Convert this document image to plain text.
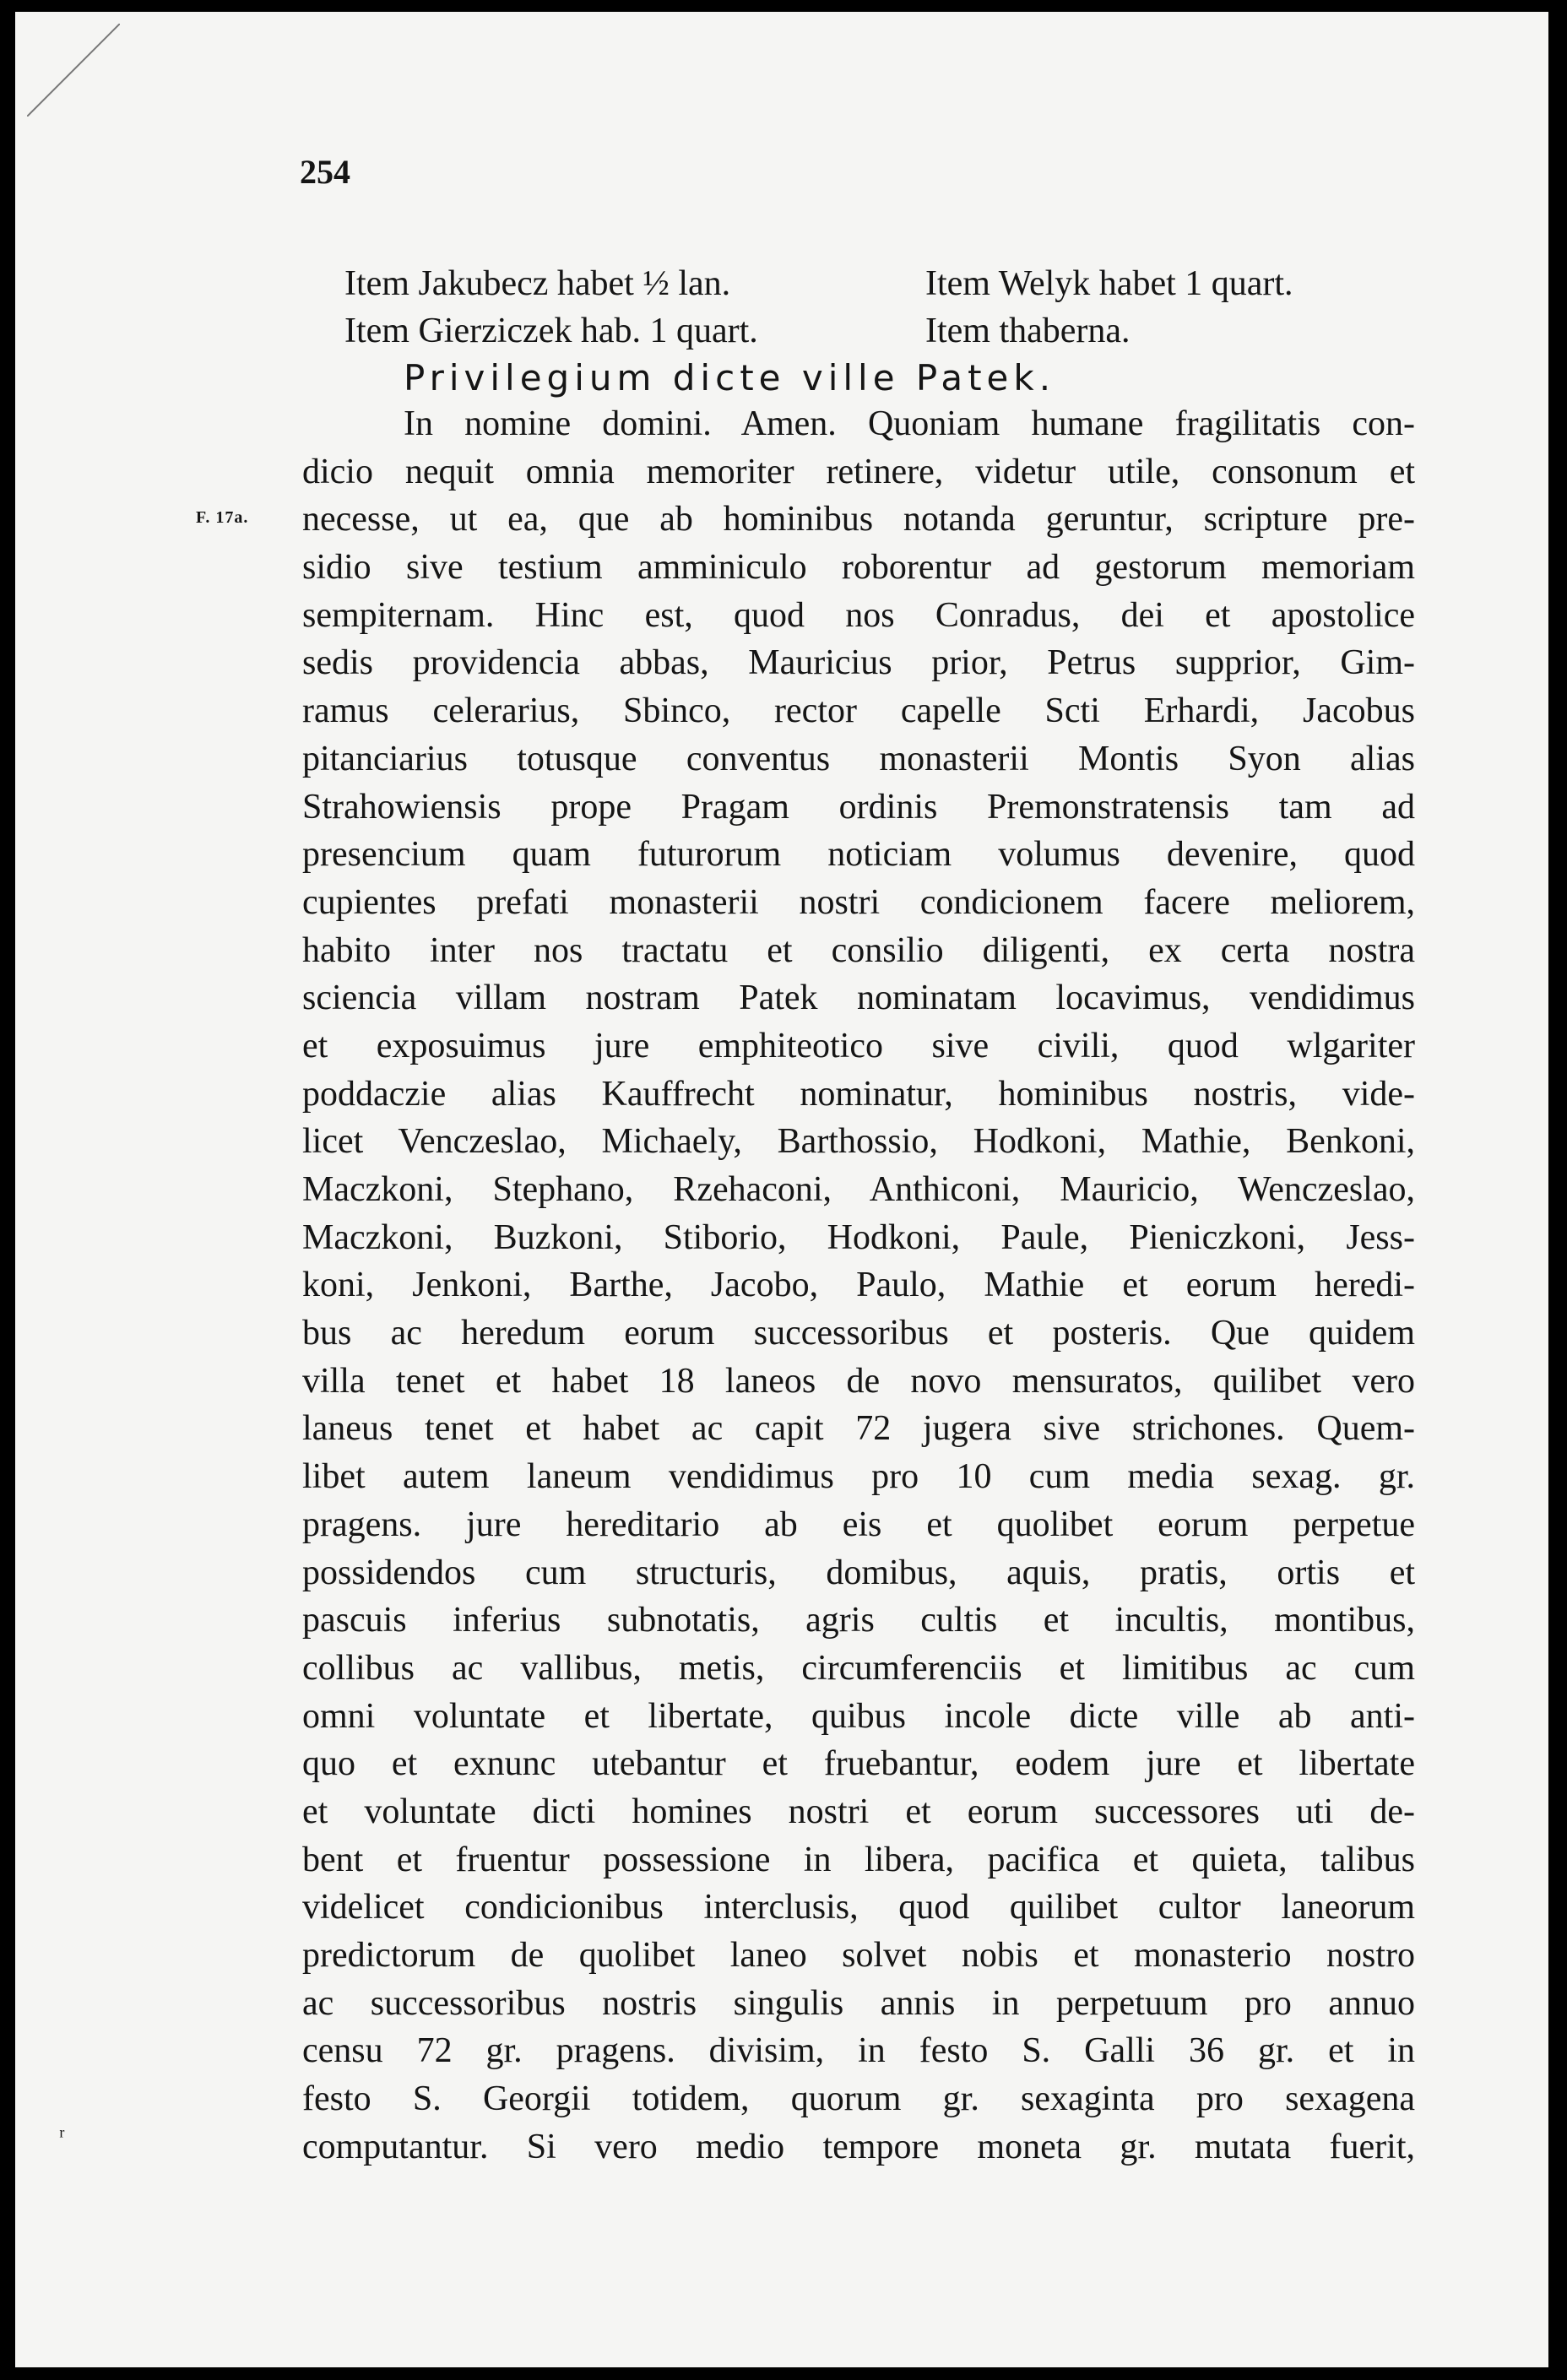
254
Item Jakubecz habet ½ lan.	Item Welyk habet 1 quart.
Item Gierziczek hab. 1 quart.	Item thaberna.
Privilegium dicte ville Patek.
F. 17a.
In nomine domini. Amen. Quoniam humane fragilitatis con-
dicio nequit omnia memoriter retinere, videtur utile, consonum et
necesse, ut ea, que ab hominibus notanda geruntur, scripture pre-
sidio sive testium amminiculo roborentur ad gestorum memoriam
sempiternam. Hinc est, quod nos Conradus, dei et apostolice
sedis providencia abbas, Mauricius prior, Petrus supprior, Gim-
ramus celerarius, Sbinco, rector capelle Scti Erhardi, Jacobus
pitanciarius totusque conventus monasterii Montis Syon alias
Strahowiensis prope Pragam ordinis Premonstratensis tam ad
presencium quam futurorum noticiam volumus devenire, quod
cupientes prefati monasterii nostri condicionem facere meliorem,
habito inter nos tractatu et consilio diligenti, ex certa nostra
sciencia villam nostram Patek nominatam locavimus, vendidimus
et exposuimus jure emphiteotico sive civili, quod wlgariter
poddaczie alias Kauffrecht nominatur, hominibus nostris, vide-
licet Venczeslao, Michaely, Barthossio, Hodkoni, Mathie, Benkoni,
Maczkoni, Stephano, Rzehaconi, Anthiconi, Mauricio, Wenczeslao,
Maczkoni, Buzkoni, Stiborio, Hodkoni, Paule, Pieniczkoni, Jess-
koni, Jenkoni, Barthe, Jacobo, Paulo, Mathie et eorum heredi-
bus ac heredum eorum successoribus et posteris. Que quidem
villa tenet et habet 18 laneos de novo mensuratos, quilibet vero
laneus tenet et habet ac capit 72 jugera sive strichones. Quem-
libet autem laneum vendidimus pro 10 cum media sexag. gr.
pragens. jure hereditario ab eis et quolibet eorum perpetue
possidendos cum structuris, domibus, aquis, pratis, ortis et
pascuis inferius subnotatis, agris cultis et incultis, montibus,
collibus ac vallibus, metis, circumferenciis et limitibus ac cum
omni voluntate et libertate, quibus incole dicte ville ab anti-
quo et exnunc utebantur et fruebantur, eodem jure et libertate
et voluntate dicti homines nostri et eorum successores uti de-
bent et fruentur possessione in libera, pacifica et quieta, talibus
videlicet condicionibus interclusis, quod quilibet cultor laneorum
predictorum de quolibet laneo solvet nobis et monasterio nostro
ac successoribus nostris singulis annis in perpetuum pro annuo
censu 72 gr. pragens. divisim, in festo S. Galli 36 gr. et in
festo S. Georgii totidem, quorum gr. sexaginta pro sexagena
computantur. Si vero medio tempore moneta gr. mutata fuerit,
ʳ
